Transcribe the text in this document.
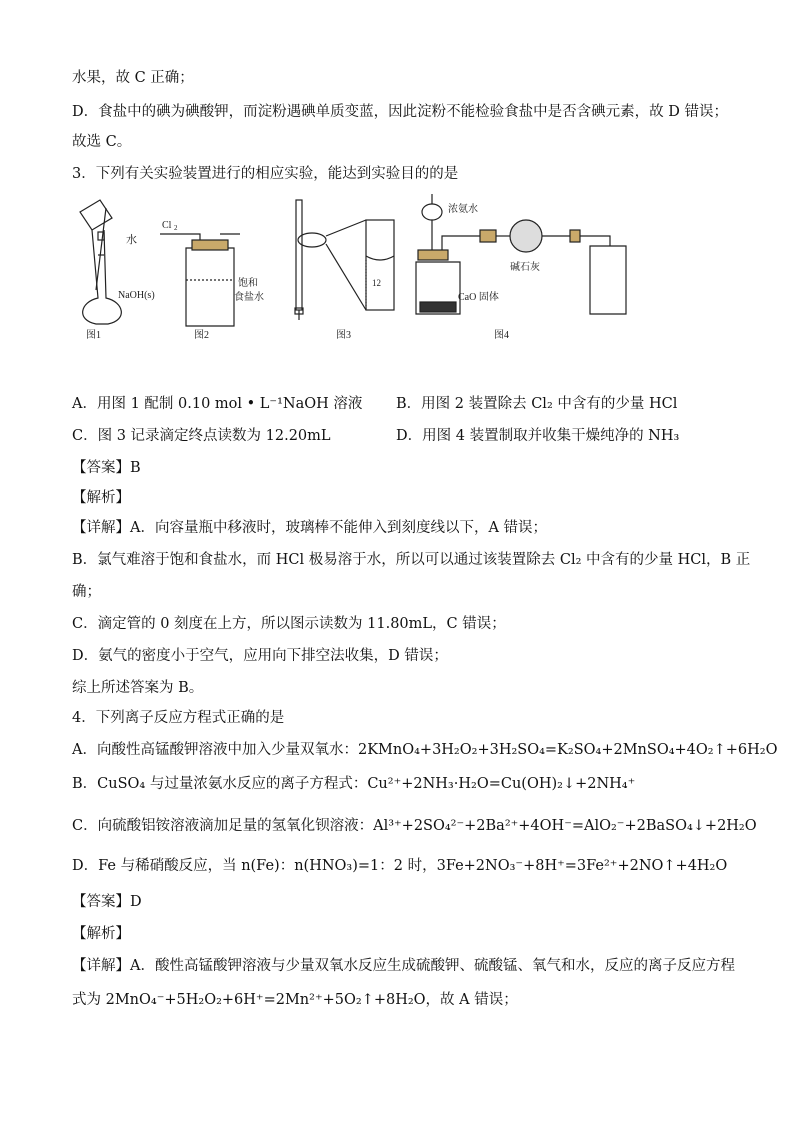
水果，故 C 正确；
D．食盐中的碘为碘酸钾，而淀粉遇碘单质变蓝，因此淀粉不能检验食盐中是否含碘元素，故 D 错误；
故选 C。
3．下列有关实验装置进行的相应实验，能达到实验目的的是
水
NaOH(s)
图1
Cl 2
饱和
食盐水
图2
12
图3
浓氨水
CaO 固体
碱石灰
图4
A．用图 1 配制 0.10 mol • L⁻¹NaOH 溶液 B．用图 2 装置除去 Cl₂ 中含有的少量 HCl
C．图 3 记录滴定终点读数为 12.20mL	D．用图 4 装置制取并收集干燥纯净的 NH₃
【答案】B
【解析】
【详解】A．向容量瓶中移液时，玻璃棒不能伸入到刻度线以下，A 错误；
B．氯气难溶于饱和食盐水，而 HCl 极易溶于水，所以可以通过该装置除去 Cl₂ 中含有的少量 HCl，B 正
确；
C．滴定管的 0 刻度在上方，所以图示读数为 11.80mL，C 错误；
D．氨气的密度小于空气，应用向下排空法收集，D 错误；
综上所述答案为 B。
4．下列离子反应方程式正确的是
A．向酸性高锰酸钾溶液中加入少量双氧水：2KMnO₄+3H₂O₂+3H₂SO₄=K₂SO₄+2MnSO₄+4O₂↑+6H₂O
B．CuSO₄ 与过量浓氨水反应的离子方程式：Cu²⁺+2NH₃·H₂O=Cu(OH)₂↓+2NH₄⁺
C．向硫酸铝铵溶液滴加足量的氢氧化钡溶液：Al³⁺+2SO₄²⁻+2Ba²⁺+4OH⁻=AlO₂⁻+2BaSO₄↓+2H₂O
D．Fe 与稀硝酸反应，当 n(Fe)：n(HNO₃)=1：2 时，3Fe+2NO₃⁻+8H⁺=3Fe²⁺+2NO↑+4H₂O
【答案】D
【解析】
【详解】A．酸性高锰酸钾溶液与少量双氧水反应生成硫酸钾、硫酸锰、氧气和水，反应的离子反应方程
式为 2MnO₄⁻+5H₂O₂+6H⁺=2Mn²⁺+5O₂↑+8H₂O，故 A 错误；
